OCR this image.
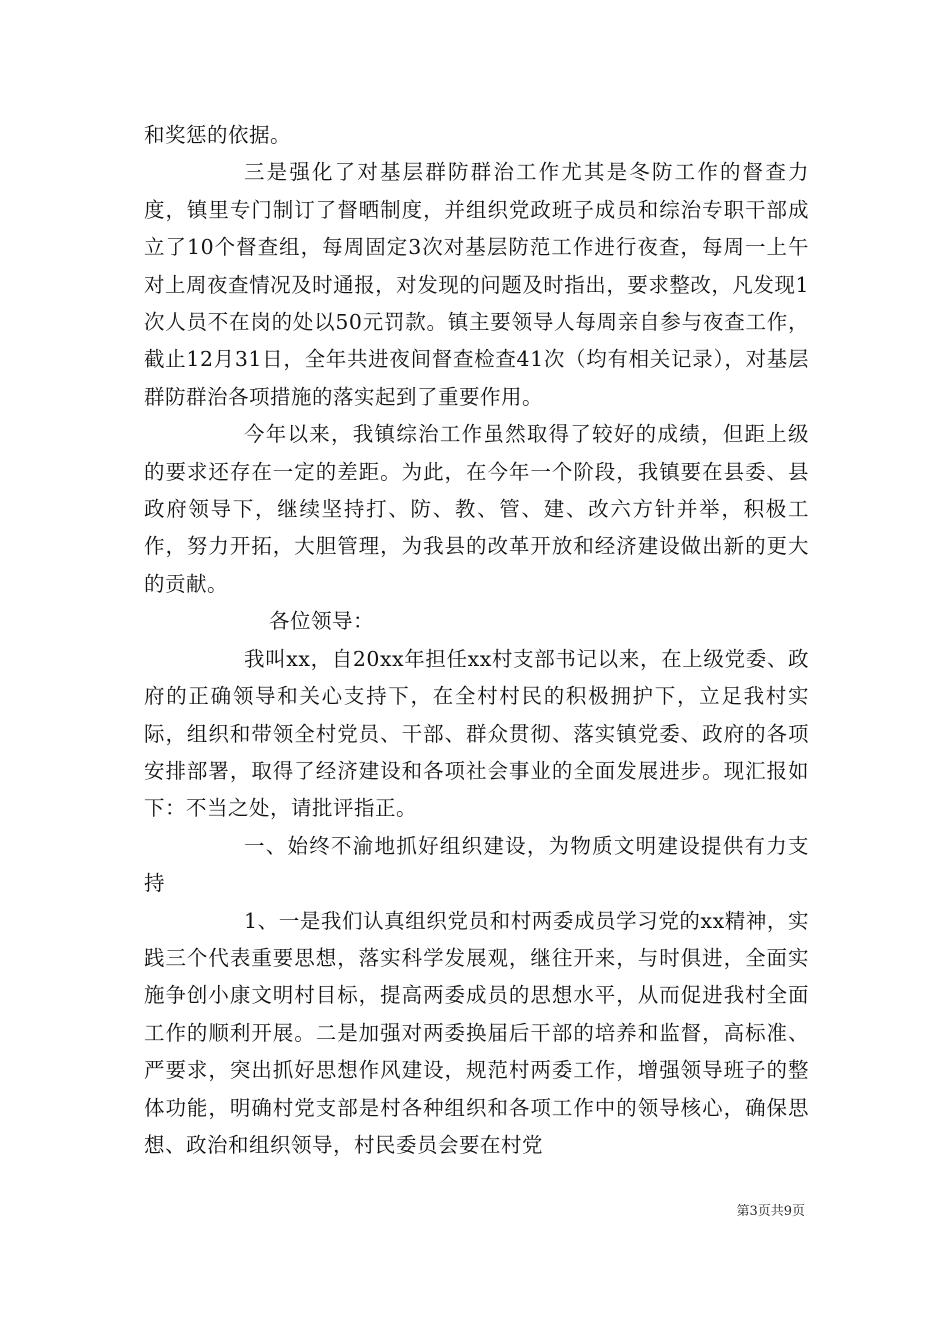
和奖惩的依据。

三是强化了对基层群防群治工作尤其是冬防工作的督查力度，镇里专门制订了督晒制度，并组织党政班子成员和综治专职干部成立了10个督查组，每周固定3次对基层防范工作进行夜查，每周一上午对上周夜查情况及时通报，对发现的问题及时指出，要求整改，凡发现1次人员不在岗的处以50元罚款。镇主要领导人每周亲自参与夜查工作，截止12月31日，全年共进夜间督查检查41次（均有相关记录），对基层群防群治各项措施的落实起到了重要作用。

今年以来，我镇综治工作虽然取得了较好的成绩，但距上级的要求还存在一定的差距。为此，在今年一个阶段，我镇要在县委、县政府领导下，继续坚持打、防、教、管、建、改六方针并举，积极工作，努力开拓，大胆管理，为我县的改革开放和经济建设做出新的更大的贡献。

各位领导：

我叫xx，自20xx年担任xx村支部书记以来，在上级党委、政府的正确领导和关心支持下，在全村村民的积极拥护下，立足我村实际，组织和带领全村党员、干部、群众贯彻、落实镇党委、政府的各项安排部署，取得了经济建设和各项社会事业的全面发展进步。现汇报如下：不当之处，请批评指正。

一、始终不渝地抓好组织建设，为物质文明建设提供有力支持

1、一是我们认真组织党员和村两委成员学习党的xx精神，实践三个代表重要思想，落实科学发展观，继往开来，与时俱进，全面实施争创小康文明村目标，提高两委成员的思想水平，从而促进我村全面工作的顺利开展。二是加强对两委换届后干部的培养和监督，高标准、严要求，突出抓好思想作风建设，规范村两委工作，增强领导班子的整体功能，明确村党支部是村各种组织和各项工作中的领导核心，确保思想、政治和组织领导，村民委员会要在村党

第3页共9页
